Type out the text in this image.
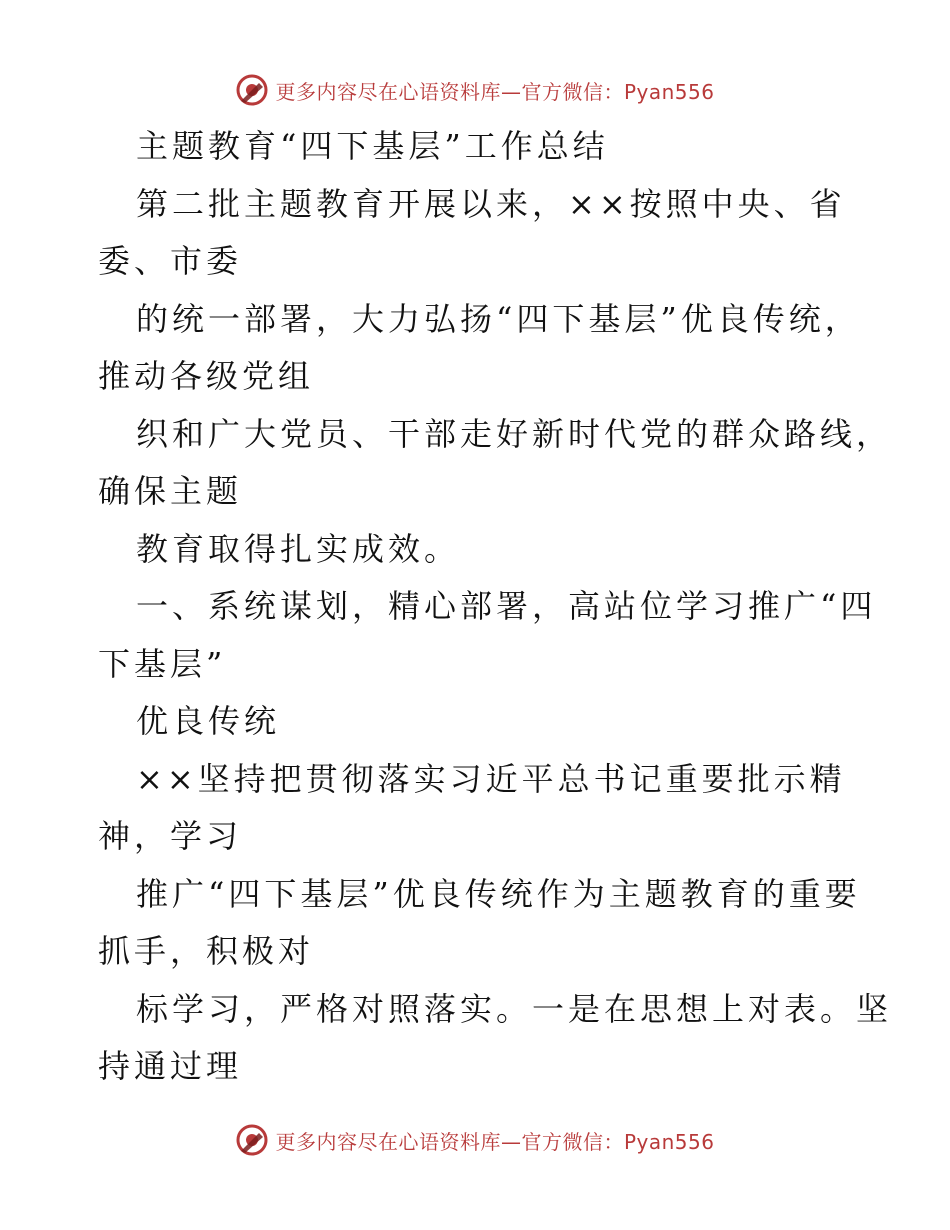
更多内容尽在心语资料库—官方微信：Pyan556
主题教育“四下基层”工作总结
第二批主题教育开展以来，××按照中央、省
委、市委
的统一部署，大力弘扬“四下基层”优良传统，
推动各级党组
织和广大党员、干部走好新时代党的群众路线，
确保主题
教育取得扎实成效。
一、系统谋划，精心部署，高站位学习推广“四
下基层”
优良传统
××坚持把贯彻落实习近平总书记重要批示精
神，学习
推广“四下基层”优良传统作为主题教育的重要
抓手，积极对
标学习，严格对照落实。一是在思想上对表。坚
持通过理
更多内容尽在心语资料库—官方微信：Pyan556
